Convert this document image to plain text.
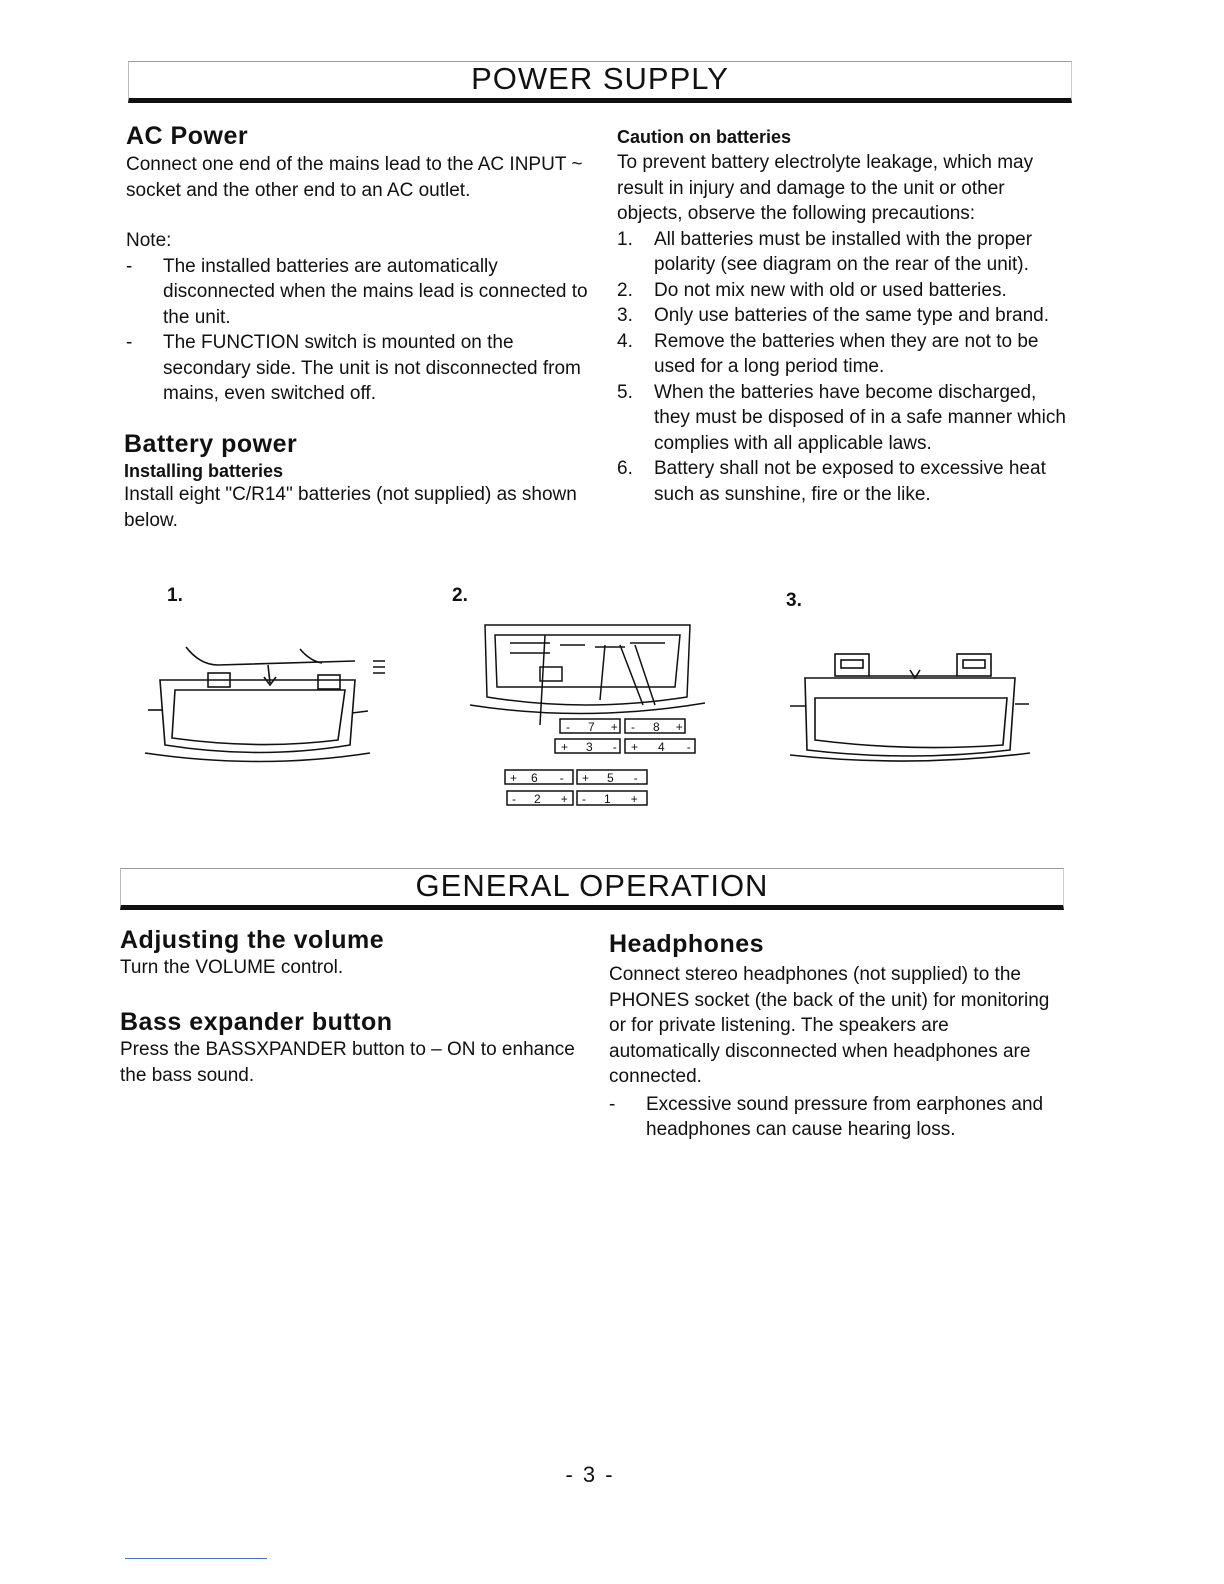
POWER SUPPLY
AC Power

Connect one end of the mains lead to the AC INPUT ~ socket and the other end to an AC outlet.

Note:

- The installed batteries are automatically disconnected when the mains lead is connected to the unit.
- The FUNCTION switch is mounted on the secondary side. The unit is not disconnected from mains, even switched off.
Battery power
Installing batteries

Install eight "C/R14" batteries (not supplied) as shown below.

Caution on batteries

To prevent battery electrolyte leakage, which may result in injury and damage to the unit or other objects, observe the following precautions:

1. All batteries must be installed with the proper polarity (see diagram on the rear of the unit).
2. Do not mix new with old or used batteries.
3. Only use batteries of the same type and brand.
4. Remove the batteries when they are not to be used for a long period time.
5. When the batteries have become discharged, they must be disposed of in a safe manner which complies with all applicable laws.
6. Battery shall not be exposed to excessive heat such as sunshine, fire or the like.
1.	2.	3.
- 7 + - 8 +
+ 3 - + 4 -
+ 6 - + 5 -
- 2 + - 1 +
GENERAL OPERATION
Adjusting the volume

Turn the VOLUME control.

Bass expander button

Press the BASSXPANDER button to – ON to enhance the bass sound.

Headphones

Connect stereo headphones (not supplied) to the PHONES socket (the back of the unit) for monitoring or for private listening. The speakers are automatically disconnected when headphones are connected.

- Excessive sound pressure from earphones and headphones can cause hearing loss.
- 3 -
